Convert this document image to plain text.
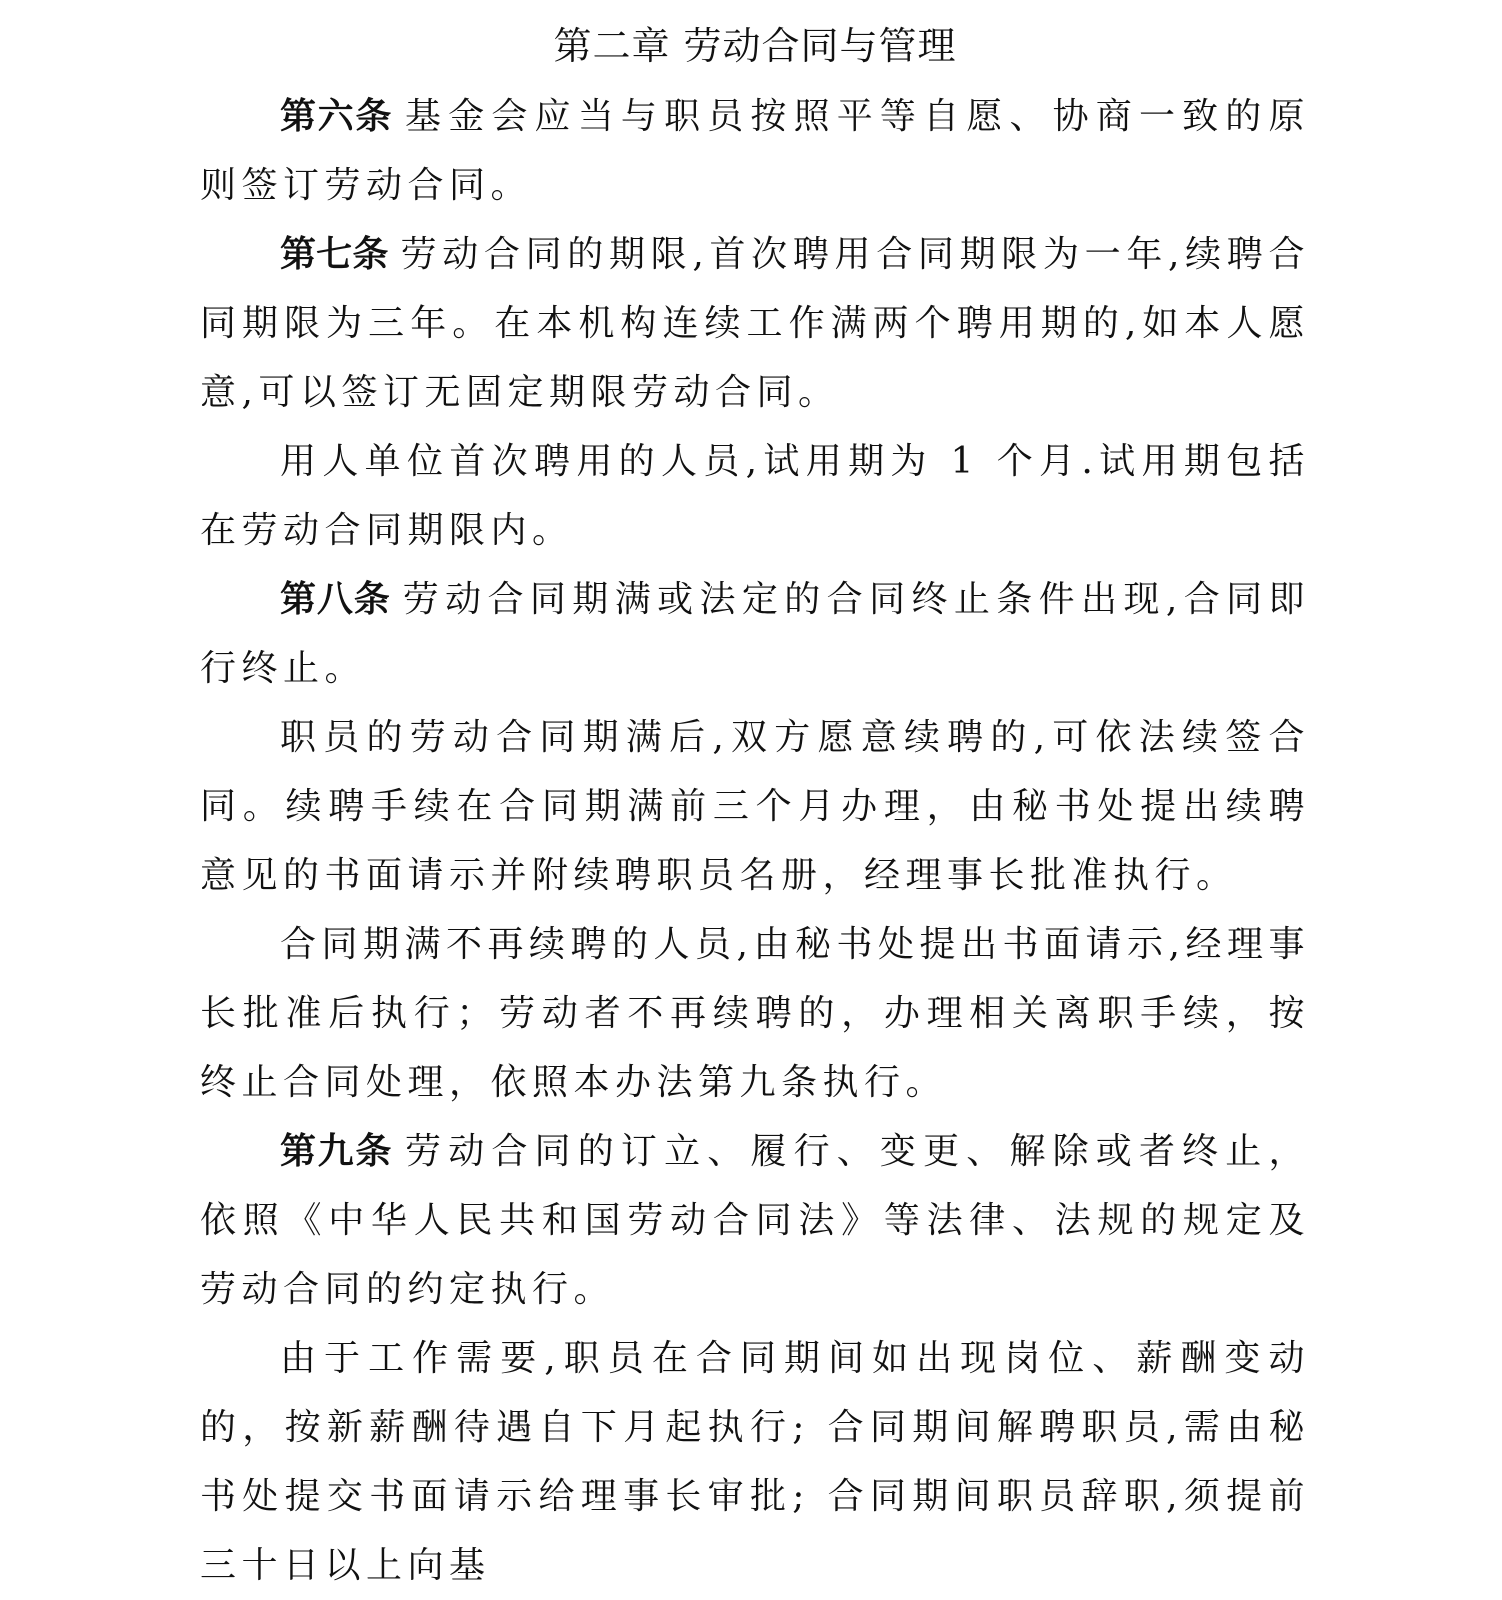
第二章 劳动合同与管理

第六条 基金会应当与职员按照平等自愿、协商一致的原则签订劳动合同。

第七条 劳动合同的期限,首次聘用合同期限为一年,续聘合同期限为三年。在本机构连续工作满两个聘用期的,如本人愿意,可以签订无固定期限劳动合同。

用人单位首次聘用的人员,试用期为 1 个月.试用期包括在劳动合同期限内。

第八条 劳动合同期满或法定的合同终止条件出现,合同即行终止。

职员的劳动合同期满后,双方愿意续聘的,可依法续签合同。续聘手续在合同期满前三个月办理，由秘书处提出续聘意见的书面请示并附续聘职员名册，经理事长批准执行。

合同期满不再续聘的人员,由秘书处提出书面请示,经理事长批准后执行；劳动者不再续聘的，办理相关离职手续，按终止合同处理，依照本办法第九条执行。

第九条 劳动合同的订立、履行、变更、解除或者终止，依照《中华人民共和国劳动合同法》等法律、法规的规定及劳动合同的约定执行。

由于工作需要,职员在合同期间如出现岗位、薪酬变动的，按新薪酬待遇自下月起执行; 合同期间解聘职员,需由秘书处提交书面请示给理事长审批; 合同期间职员辞职,须提前三十日以上向基
